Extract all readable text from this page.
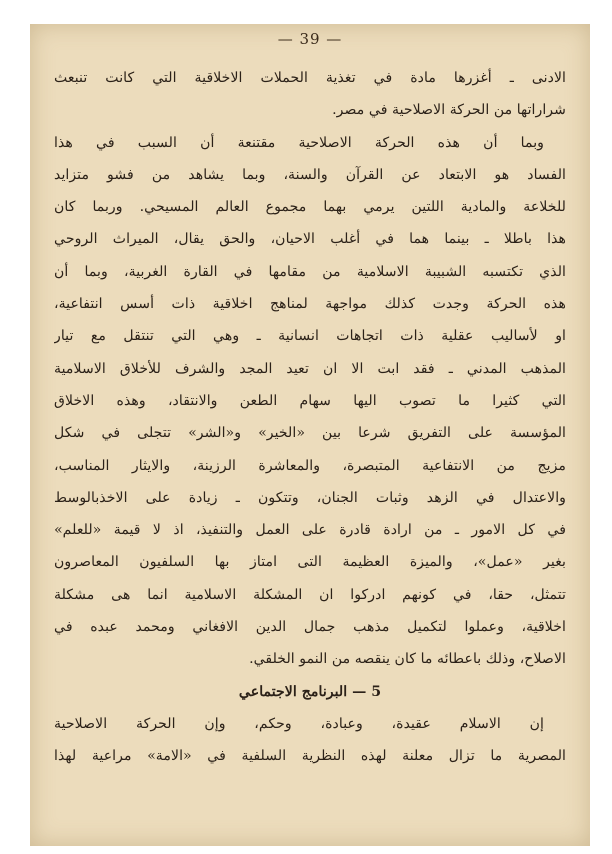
— 39 —
الادنى ـ أغزرها مادة في تغذية الحملات الاخلاقية التي كانت تنبعث
شراراتها من الحركة الاصلاحية في مصر.
وبما أن هذه الحركة الاصلاحية مقتنعة أن السبب في هذا
الفساد هو الابتعاد عن القرآن والسنة، وبما يشاهد من فشو متزايد
للخلاعة والمادية اللتين يرمي بهما مجموع العالم المسيحي. وربما كان
هذا باطلا ـ بينما هما في أغلب الاحيان، والحق يقال، الميراث الروحي
الذي تكتسبه الشبيبة الاسلامية من مقامها في القارة الغربية، وبما أن
هذه الحركة وجدت كذلك مواجهة لمناهج اخلاقية ذات أسس انتفاعية،
او لأساليب عقلية ذات اتجاهات انسانية ـ وهي التي تنتقل مع تيار
المذهب المدني ـ فقد ابت الا ان تعيد المجد والشرف للأخلاق الاسلامية
التي كثيرا ما تصوب اليها سهام الطعن والانتقاد، وهذه الاخلاق
المؤسسة على التفريق شرعا بين «الخير» و«الشر» تتجلى في شكل
مزيج من الانتفاعية المتبصرة، والمعاشرة الرزينة، والايثار المناسب،
والاعتدال في الزهد وثبات الجنان، وتتكون ـ زيادة على الاخذبالوسط
في كل الامور ـ من ارادة قادرة على العمل والتنفيذ، اذ لا قيمة «للعلم»
بغير «عمل»، والميزة العظيمة التى امتاز بها السلفيون المعاصرون
تتمثل، حقا، في كونهم ادركوا ان المشكلة الاسلامية انما هى مشكلة
اخلاقية، وعملوا لتكميل مذهب جمال الدين الافغاني ومحمد عبده في
الاصلاح، وذلك باعطائه ما كان ينقصه من النمو الخلقي.
5 — البرنامج الاجتماعي
إن الاسلام عقيدة، وعبادة، وحكم، وإن الحركة الاصلاحية
المصرية ما تزال معلنة لهذه النظرية السلفية في «الامة» مراعية لهذا
